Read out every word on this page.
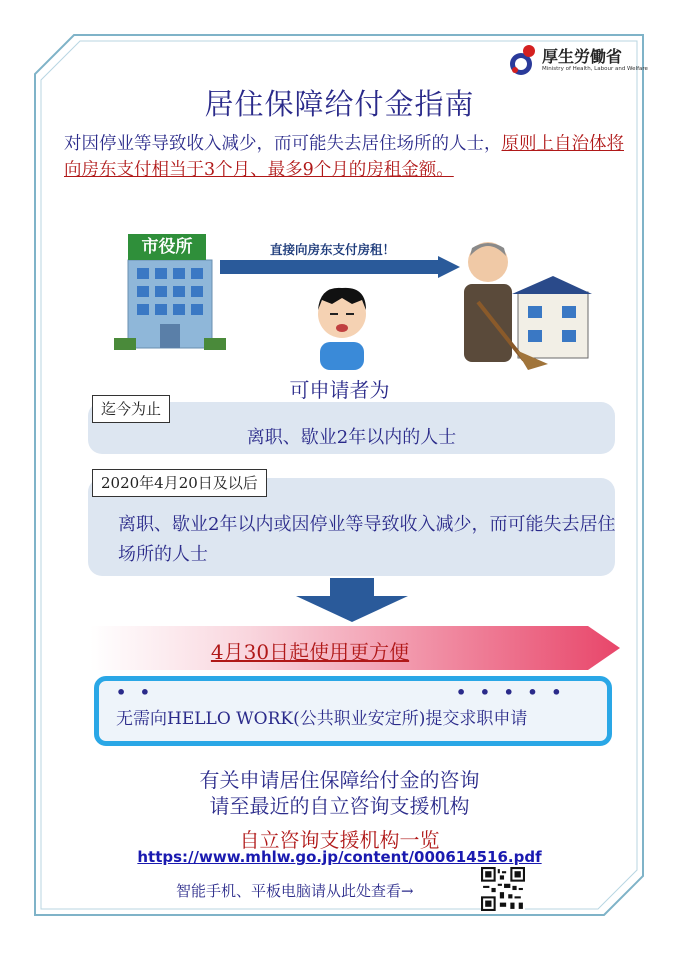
厚生労働省
Ministry of Health, Labour and Welfare
居住保障给付金指南
对因停业等导致收入减少，而可能失去居住场所的人士，原则上自治体将向房东支付相当于3个月、最多9个月的房租金额。
市役所	直接向房东支付房租！
可申请者为
迄今为止
离职、歇业2年以内的人士
2020年4月20日及以后
离职、歇业2年以内或因停业等导致收入减少，而可能失去居住场所的人士
4月30日起使用更方便
• •	• • • • •
无需向HELLO WORK(公共职业安定所)提交求职申请
有关申请居住保障给付金的咨询
请至最近的自立咨询支援机构
自立咨询支援机构一览
https://www.mhlw.go.jp/content/000614516.pdf
智能手机、平板电脑请从此处查看→
